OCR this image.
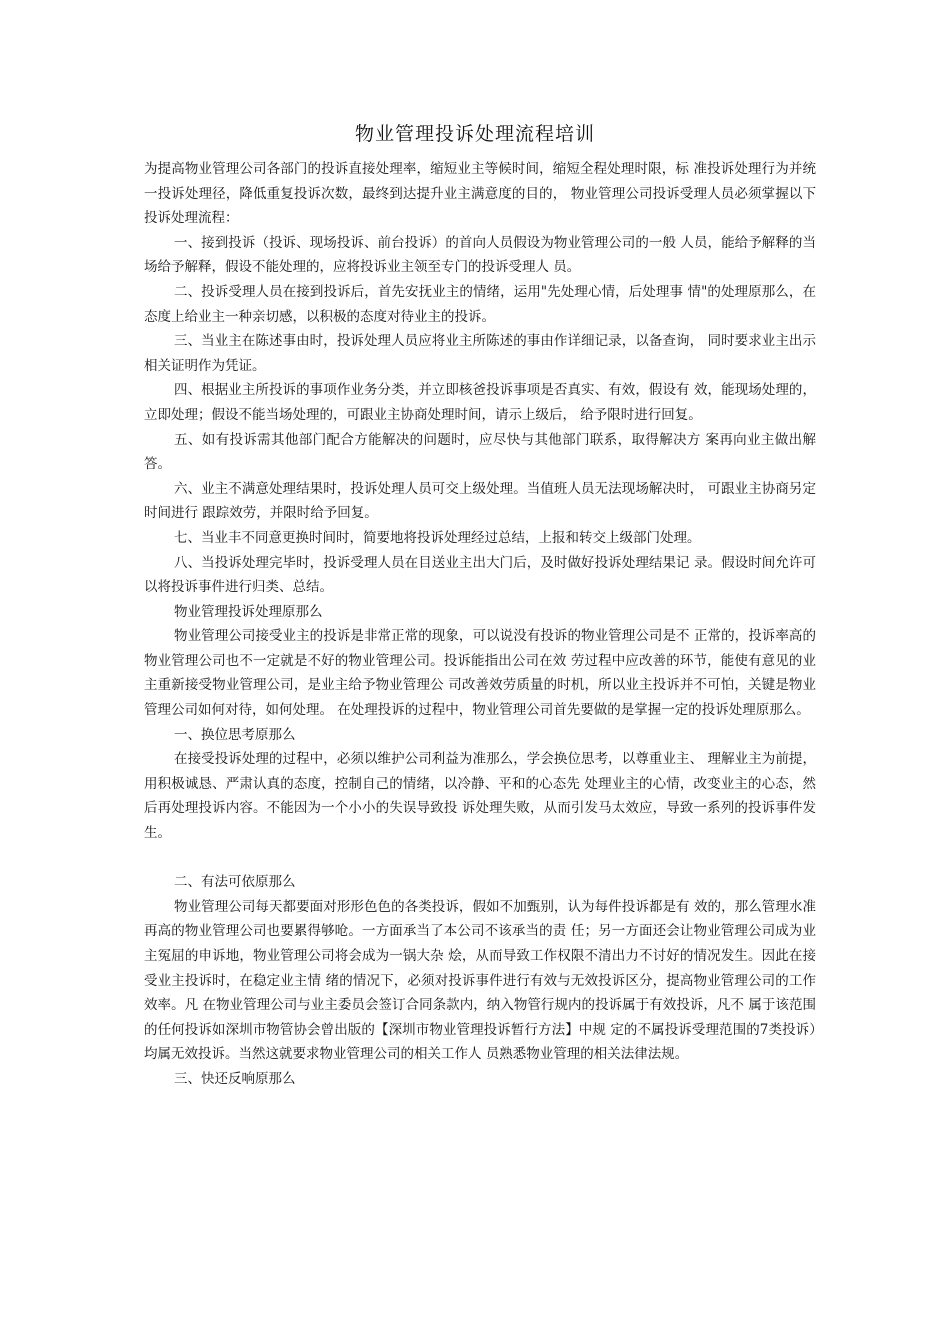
物业管理投诉处理流程培训

为提高物业管理公司各部门的投诉直接处理率，缩短业主等候时间，缩短全程处理时限，标 准投诉处理行为并统一投诉处理径，降低重复投诉次数，最终到达提升业主满意度的目的， 物业管理公司投诉受理人员必须掌握以下投诉处理流程：

一、接到投诉（投诉、现场投诉、前台投诉）的首向人员假设为物业管理公司的一般 人员，能给予解释的当场给予解释，假设不能处理的，应将投诉业主领至专门的投诉受理人 员。

二、投诉受理人员在接到投诉后，首先安抚业主的情绪，运用"先处理心情，后处理事 情"的处理原那么，在态度上给业主一种亲切感，以积极的态度对待业主的投诉。

三、当业主在陈述事由时，投诉处理人员应将业主所陈述的事由作详细记录，以备查询， 同时要求业主出示相关证明作为凭证。

四、根据业主所投诉的事项作业务分类，并立即核爸投诉事项是否真实、有效，假设有 效，能现场处理的，立即处理；假设不能当场处理的，可跟业主协商处理时间，请示上级后， 给予限时进行回复。

五、如有投诉需其他部门配合方能解决的问题时，应尽快与其他部门联系，取得解决方 案再向业主做出解答。

六、业主不满意处理结果时，投诉处理人员可交上级处理。当值班人员无法现场解决时， 可跟业主协商另定时间进行 跟踪效劳，并限时给予回复。

七、当业丰不同意更换时间时，简要地将投诉处理经过总结，上报和转交上级部门处理。

八、当投诉处理完毕时，投诉受理人员在目送业主出大门后，及时做好投诉处理结果记 录。假设时间允许可以将投诉事件进行归类、总结。

物业管理投诉处理原那么

物业管理公司接受业主的投诉是非常正常的现象，可以说没有投诉的物业管理公司是不 正常的，投诉率高的物业管理公司也不一定就是不好的物业管理公司。投诉能指出公司在效 劳过程中应改善的环节，能使有意见的业主重新接受物业管理公司，是业主给予物业管理公 司改善效劳质量的时机，所以业主投诉并不可怕，关键是物业管理公司如何对待，如何处理。 在处理投诉的过程中，物业管理公司首先要做的是掌握一定的投诉处理原那么。

一、换位思考原那么

在接受投诉处理的过程中，必须以维护公司利益为准那么，学会换位思考，以尊重业主、 理解业主为前提，用积极诚恳、严肃认真的态度，控制自己的情绪，以冷静、平和的心态先 处理业主的心情，改变业主的心态，然后再处理投诉内容。不能因为一个小小的失误导致投 诉处理失败，从而引发马太效应，导致一系列的投诉事件发生。

二、有法可依原那么

物业管理公司每天都要面对形形色色的各类投诉，假如不加甄别，认为每件投诉都是有 效的，那么管理水准再高的物业管理公司也要累得够呛。一方面承当了本公司不该承当的责 任；另一方面还会让物业管理公司成为业主冤屈的申诉地，物业管理公司将会成为一锅大杂 烩，从而导致工作权限不清出力不讨好的情况发生。因此在接受业主投诉时，在稳定业主情 绪的情况下，必须对投诉事件进行有效与无效投诉区分，提高物业管理公司的工作效率。凡 在物业管理公司与业主委员会签订合同条款内，纳入物管行规内的投诉属于有效投诉，凡不 属于该范围的任何投诉如深圳市物管协会曾出版的【深圳市物业管理投诉暂行方法】中规 定的不属投诉受理范围的7类投诉）均属无效投诉。当然这就要求物业管理公司的相关工作人 员熟悉物业管理的相关法律法规。

三、快还反响原那么
